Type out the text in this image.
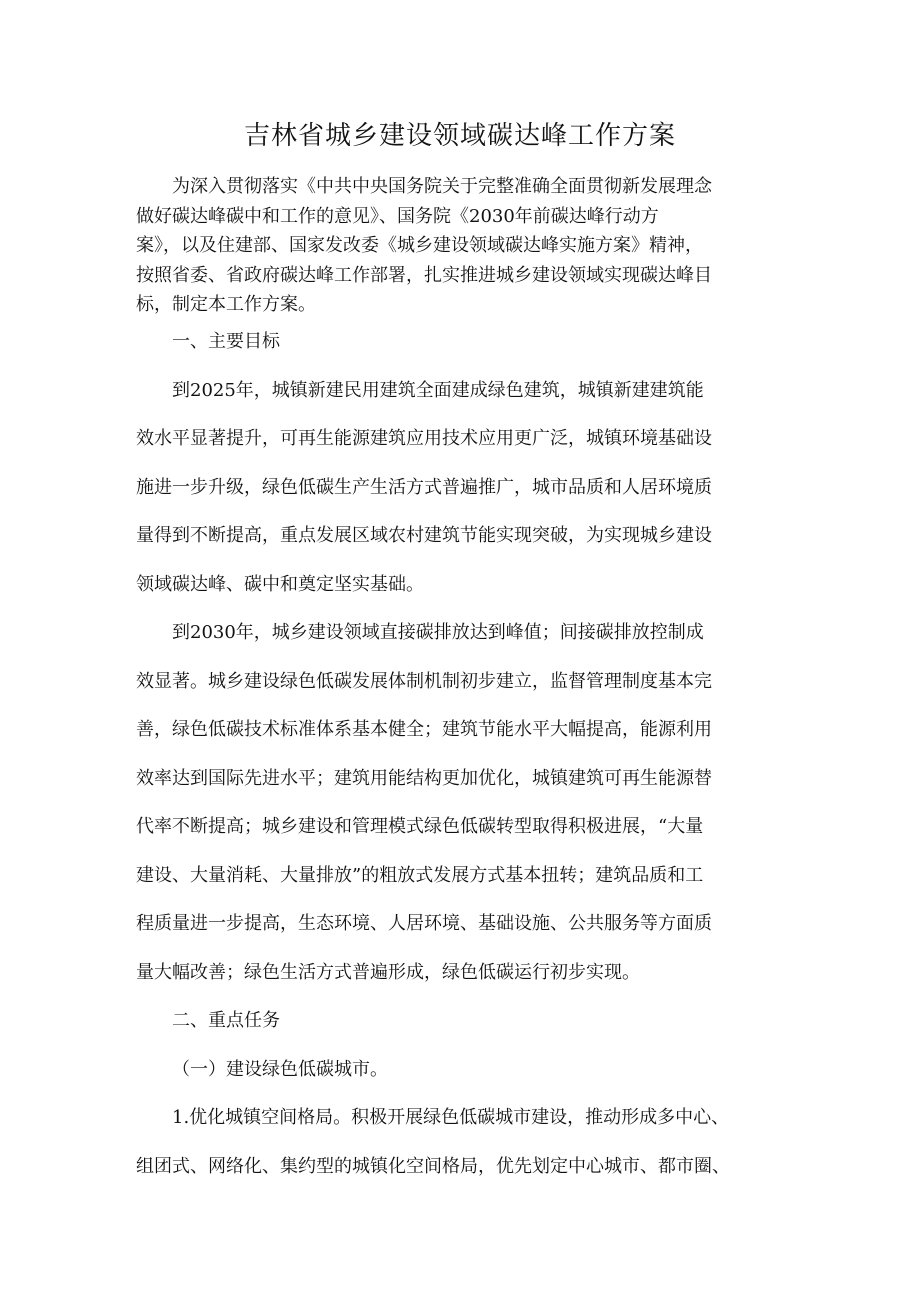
吉林省城乡建设领域碳达峰工作方案

为深入贯彻落实《中共中央国务院关于完整准确全面贯彻新发展理念

做好碳达峰碳中和工作的意见》、国务院《2030年前碳达峰行动方

案》，以及住建部、国家发改委《城乡建设领域碳达峰实施方案》精神，

按照省委、省政府碳达峰工作部署，扎实推进城乡建设领域实现碳达峰目

标，制定本工作方案。

一、主要目标

到2025年，城镇新建民用建筑全面建成绿色建筑，城镇新建建筑能

效水平显著提升，可再生能源建筑应用技术应用更广泛，城镇环境基础设

施进一步升级，绿色低碳生产生活方式普遍推广，城市品质和人居环境质

量得到不断提高，重点发展区域农村建筑节能实现突破，为实现城乡建设

领域碳达峰、碳中和奠定坚实基础。

到2030年，城乡建设领域直接碳排放达到峰值；间接碳排放控制成

效显著。城乡建设绿色低碳发展体制机制初步建立，监督管理制度基本完

善，绿色低碳技术标准体系基本健全；建筑节能水平大幅提高，能源利用

效率达到国际先进水平；建筑用能结构更加优化，城镇建筑可再生能源替

代率不断提高；城乡建设和管理模式绿色低碳转型取得积极进展，“大量

建设、大量消耗、大量排放”的粗放式发展方式基本扭转；建筑品质和工

程质量进一步提高，生态环境、人居环境、基础设施、公共服务等方面质

量大幅改善；绿色生活方式普遍形成，绿色低碳运行初步实现。

二、重点任务

（一）建设绿色低碳城市。

1.优化城镇空间格局。积极开展绿色低碳城市建设，推动形成多中心、

组团式、网络化、集约型的城镇化空间格局，优先划定中心城市、都市圈、
